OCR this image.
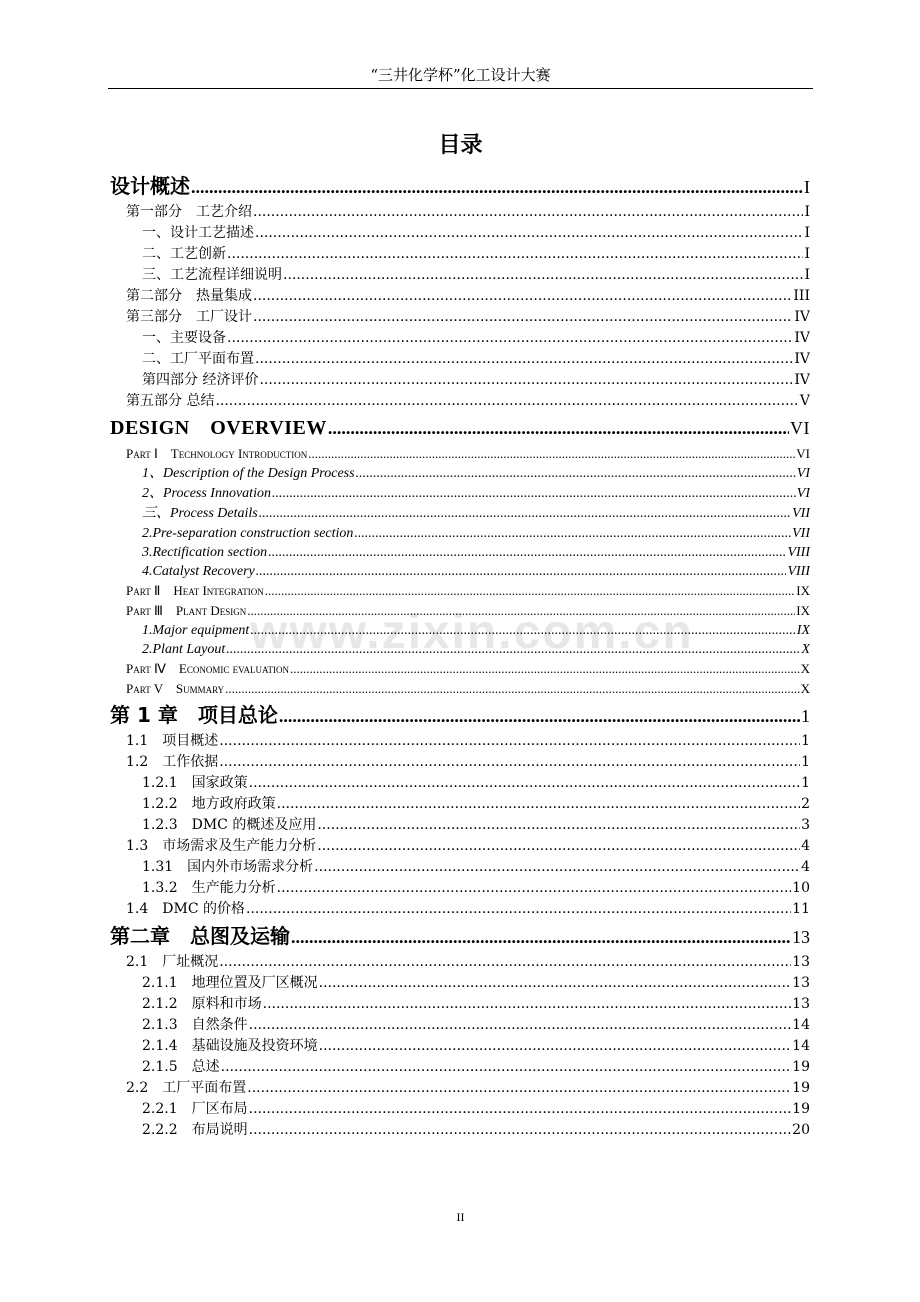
“三井化学杯”化工设计大赛
目录
www.zixin.com.cn
设计概述 .....	I
第一部分　工艺介绍 .....	I
一、设计工艺描述 .....	I
二、工艺创新 .....	I
三、工艺流程详细说明 .....	I
第二部分　热量集成 .....	III
第三部分　工厂设计 .....	IV
一、主要设备 .....	IV
二、工厂平面布置 .....	IV
第四部分 经济评价 .....	IV
第五部分 总结 .....	V
DESIGN　OVERVIEW .....	VI
Part Ⅰ　Technology Introduction .....	VI
1、Description of the Design Process .....	VI
2、Process Innovation .....	VI
三、Process Details .....	VII
2.Pre-separation construction section .....	VII
3.Rectification section .....	VIII
4.Catalyst Recovery .....	VIII
Part Ⅱ　Heat Integration .....	IX
Part Ⅲ　Plant Design .....	IX
1.Major equipment .....	IX
2.Plant Layout .....	X
Part Ⅳ　Economic evaluation .....	X
Part V　Summary .....	X
第 1 章　项目总论 .....	1
1.1　项目概述 .....	1
1.2　工作依据 .....	1
1.2.1　国家政策 .....	1
1.2.2　地方政府政策 .....	2
1.2.3　DMC 的概述及应用 .....	3
1.3　市场需求及生产能力分析 .....	4
1.31　国内外市场需求分析 .....	4
1.3.2　生产能力分析 .....	10
1.4　DMC 的价格 .....	11
第二章　总图及运输 .....	13
2.1　厂址概况 .....	13
2.1.1　地理位置及厂区概况 .....	13
2.1.2　原料和市场 .....	13
2.1.3　自然条件 .....	14
2.1.4　基础设施及投资环境 .....	14
2.1.5　总述 .....	19
2.2　工厂平面布置 .....	19
2.2.1　厂区布局 .....	19
2.2.2　布局说明 .....	20
II
